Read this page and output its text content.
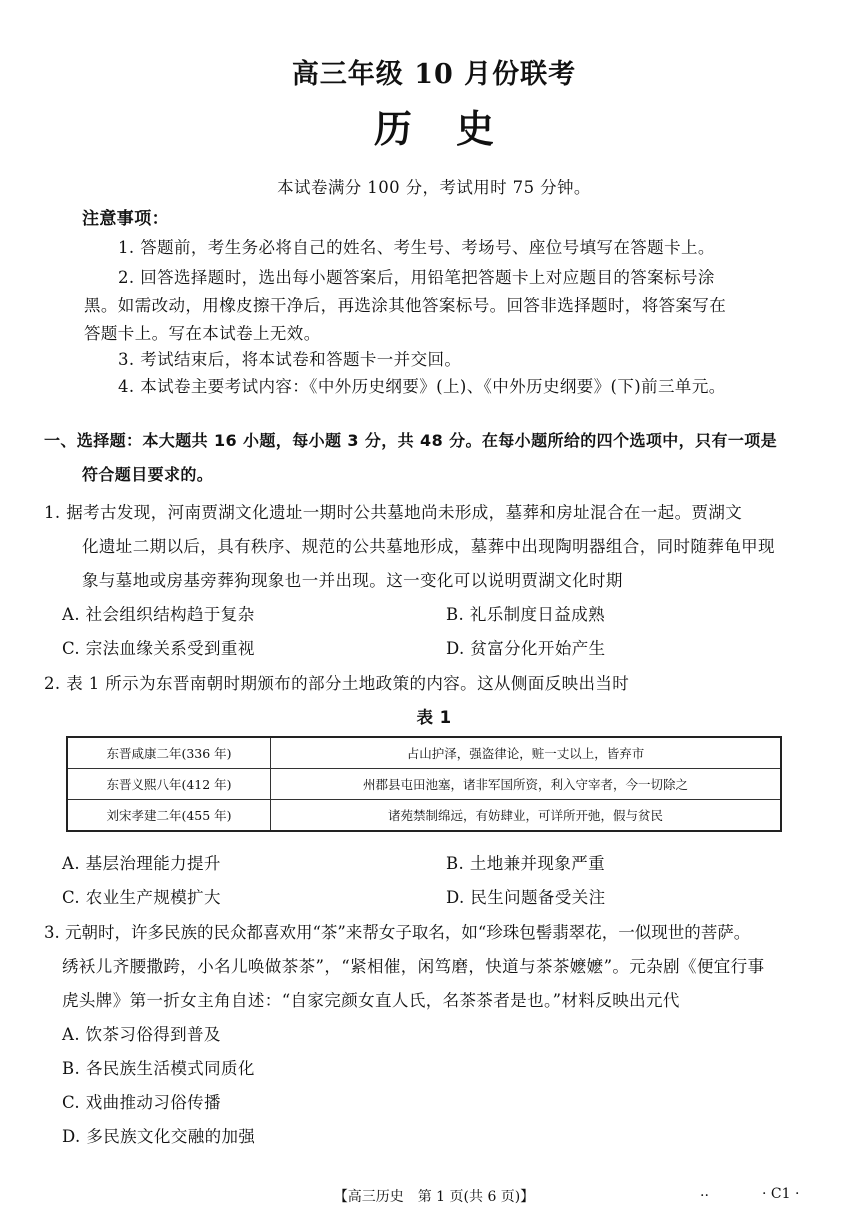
高三年级 10 月份联考
历史
本试卷满分 100 分，考试用时 75 分钟。
注意事项：
1. 答题前，考生务必将自己的姓名、考生号、考场号、座位号填写在答题卡上。
2. 回答选择题时，选出每小题答案后，用铅笔把答题卡上对应题目的答案标号涂
黑。如需改动，用橡皮擦干净后，再选涂其他答案标号。回答非选择题时，将答案写在
答题卡上。写在本试卷上无效。
3. 考试结束后，将本试卷和答题卡一并交回。
4. 本试卷主要考试内容：《中外历史纲要》(上)、《中外历史纲要》(下)前三单元。
一、选择题：本大题共 16 小题，每小题 3 分，共 48 分。在每小题所给的四个选项中，只有一项是
符合题目要求的。
1. 据考古发现，河南贾湖文化遗址一期时公共墓地尚未形成，墓葬和房址混合在一起。贾湖文
化遗址二期以后，具有秩序、规范的公共墓地形成，墓葬中出现陶明器组合，同时随葬龟甲现
象与墓地或房基旁葬狗现象也一并出现。这一变化可以说明贾湖文化时期
A. 社会组织结构趋于复杂	B. 礼乐制度日益成熟
C. 宗法血缘关系受到重视	D. 贫富分化开始产生
2. 表 1 所示为东晋南朝时期颁布的部分土地政策的内容。这从侧面反映出当时
表 1
东晋咸康二年(336 年)	占山护泽，强盗律论，赃一丈以上，皆弃市
东晋义熙八年(412 年)	州郡县屯田池塞，诸非军国所资，利入守宰者，今一切除之
刘宋孝建二年(455 年)	诸苑禁制绵远，有妨肆业，可详所开弛，假与贫民
A. 基层治理能力提升	B. 土地兼并现象严重
C. 农业生产规模扩大	D. 民生问题备受关注
3. 元朝时，许多民族的民众都喜欢用“茶”来帮女子取名，如“珍珠包髻翡翠花，一似现世的菩萨。
绣袄儿齐腰撒跨，小名儿唤做茶茶”，“紧相催，闲笃磨，快道与茶茶嬷嬷”。元杂剧《便宜行事
虎头牌》第一折女主角自述：“自家完颜女直人氏，名茶茶者是也。”材料反映出元代
A. 饮茶习俗得到普及
B. 各民族生活模式同质化
C. 戏曲推动习俗传播
D. 多民族文化交融的加强
【高三历史　第 1 页(共 6 页)】	..	· C1 ·
